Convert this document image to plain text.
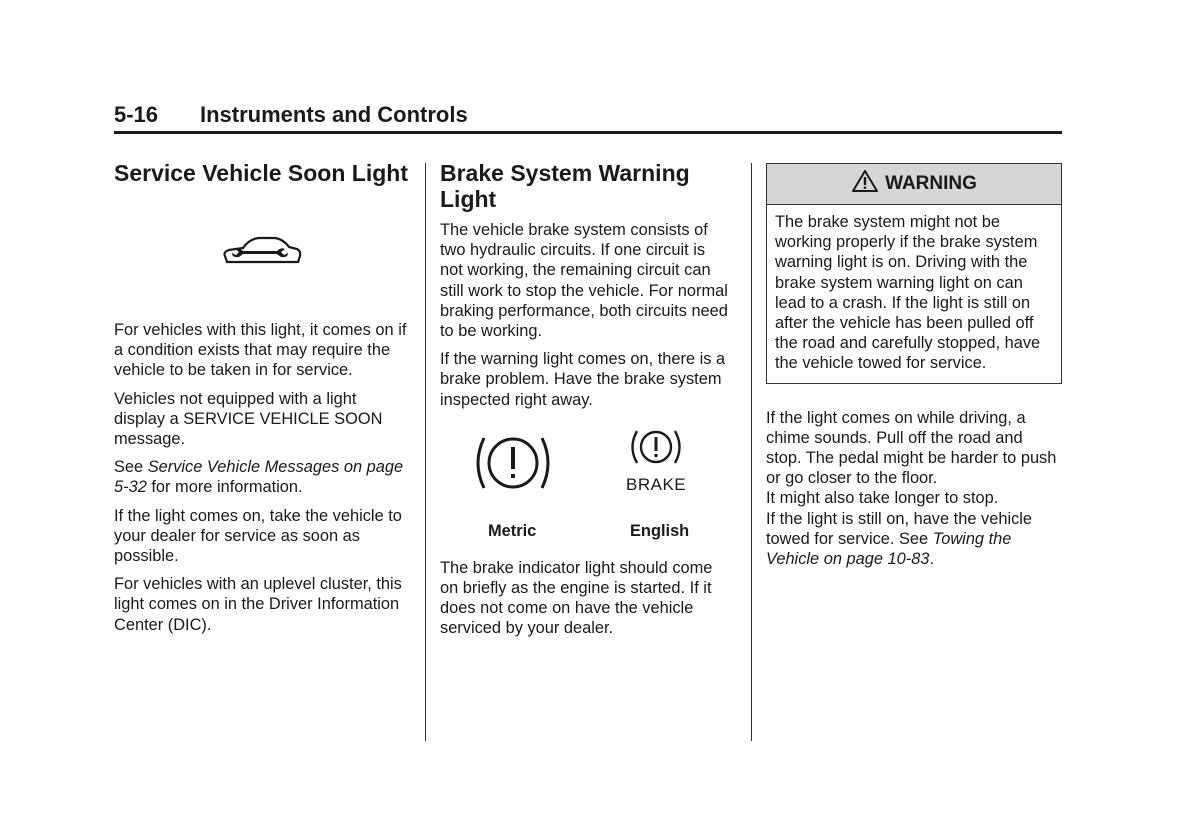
5-16 Instruments and Controls
Service Vehicle Soon Light

For vehicles with this light, it comes on if a condition exists that may require the vehicle to be taken in for service.

Vehicles not equipped with a light display a SERVICE VEHICLE SOON message.

See Service Vehicle Messages on page 5-32 for more information.

If the light comes on, take the vehicle to your dealer for service as soon as possible.

For vehicles with an uplevel cluster, this light comes on in the Driver Information Center (DIC).

Brake System Warning Light

The vehicle brake system consists of two hydraulic circuits. If one circuit is not working, the remaining circuit can still work to stop the vehicle. For normal braking performance, both circuits need to be working.

If the warning light comes on, there is a brake problem. Have the brake system inspected right away.

BRAKE
Metric	English

The brake indicator light should come on briefly as the engine is started. If it does not come on have the vehicle serviced by your dealer.

WARNING

The brake system might not be working properly if the brake system warning light is on. Driving with the brake system warning light on can lead to a crash. If the light is still on after the vehicle has been pulled off the road and carefully stopped, have the vehicle towed for service.

If the light comes on while driving, a chime sounds. Pull off the road and stop. The pedal might be harder to push or go closer to the floor.

It might also take longer to stop.

If the light is still on, have the vehicle towed for service. See Towing the Vehicle on page 10-83.
